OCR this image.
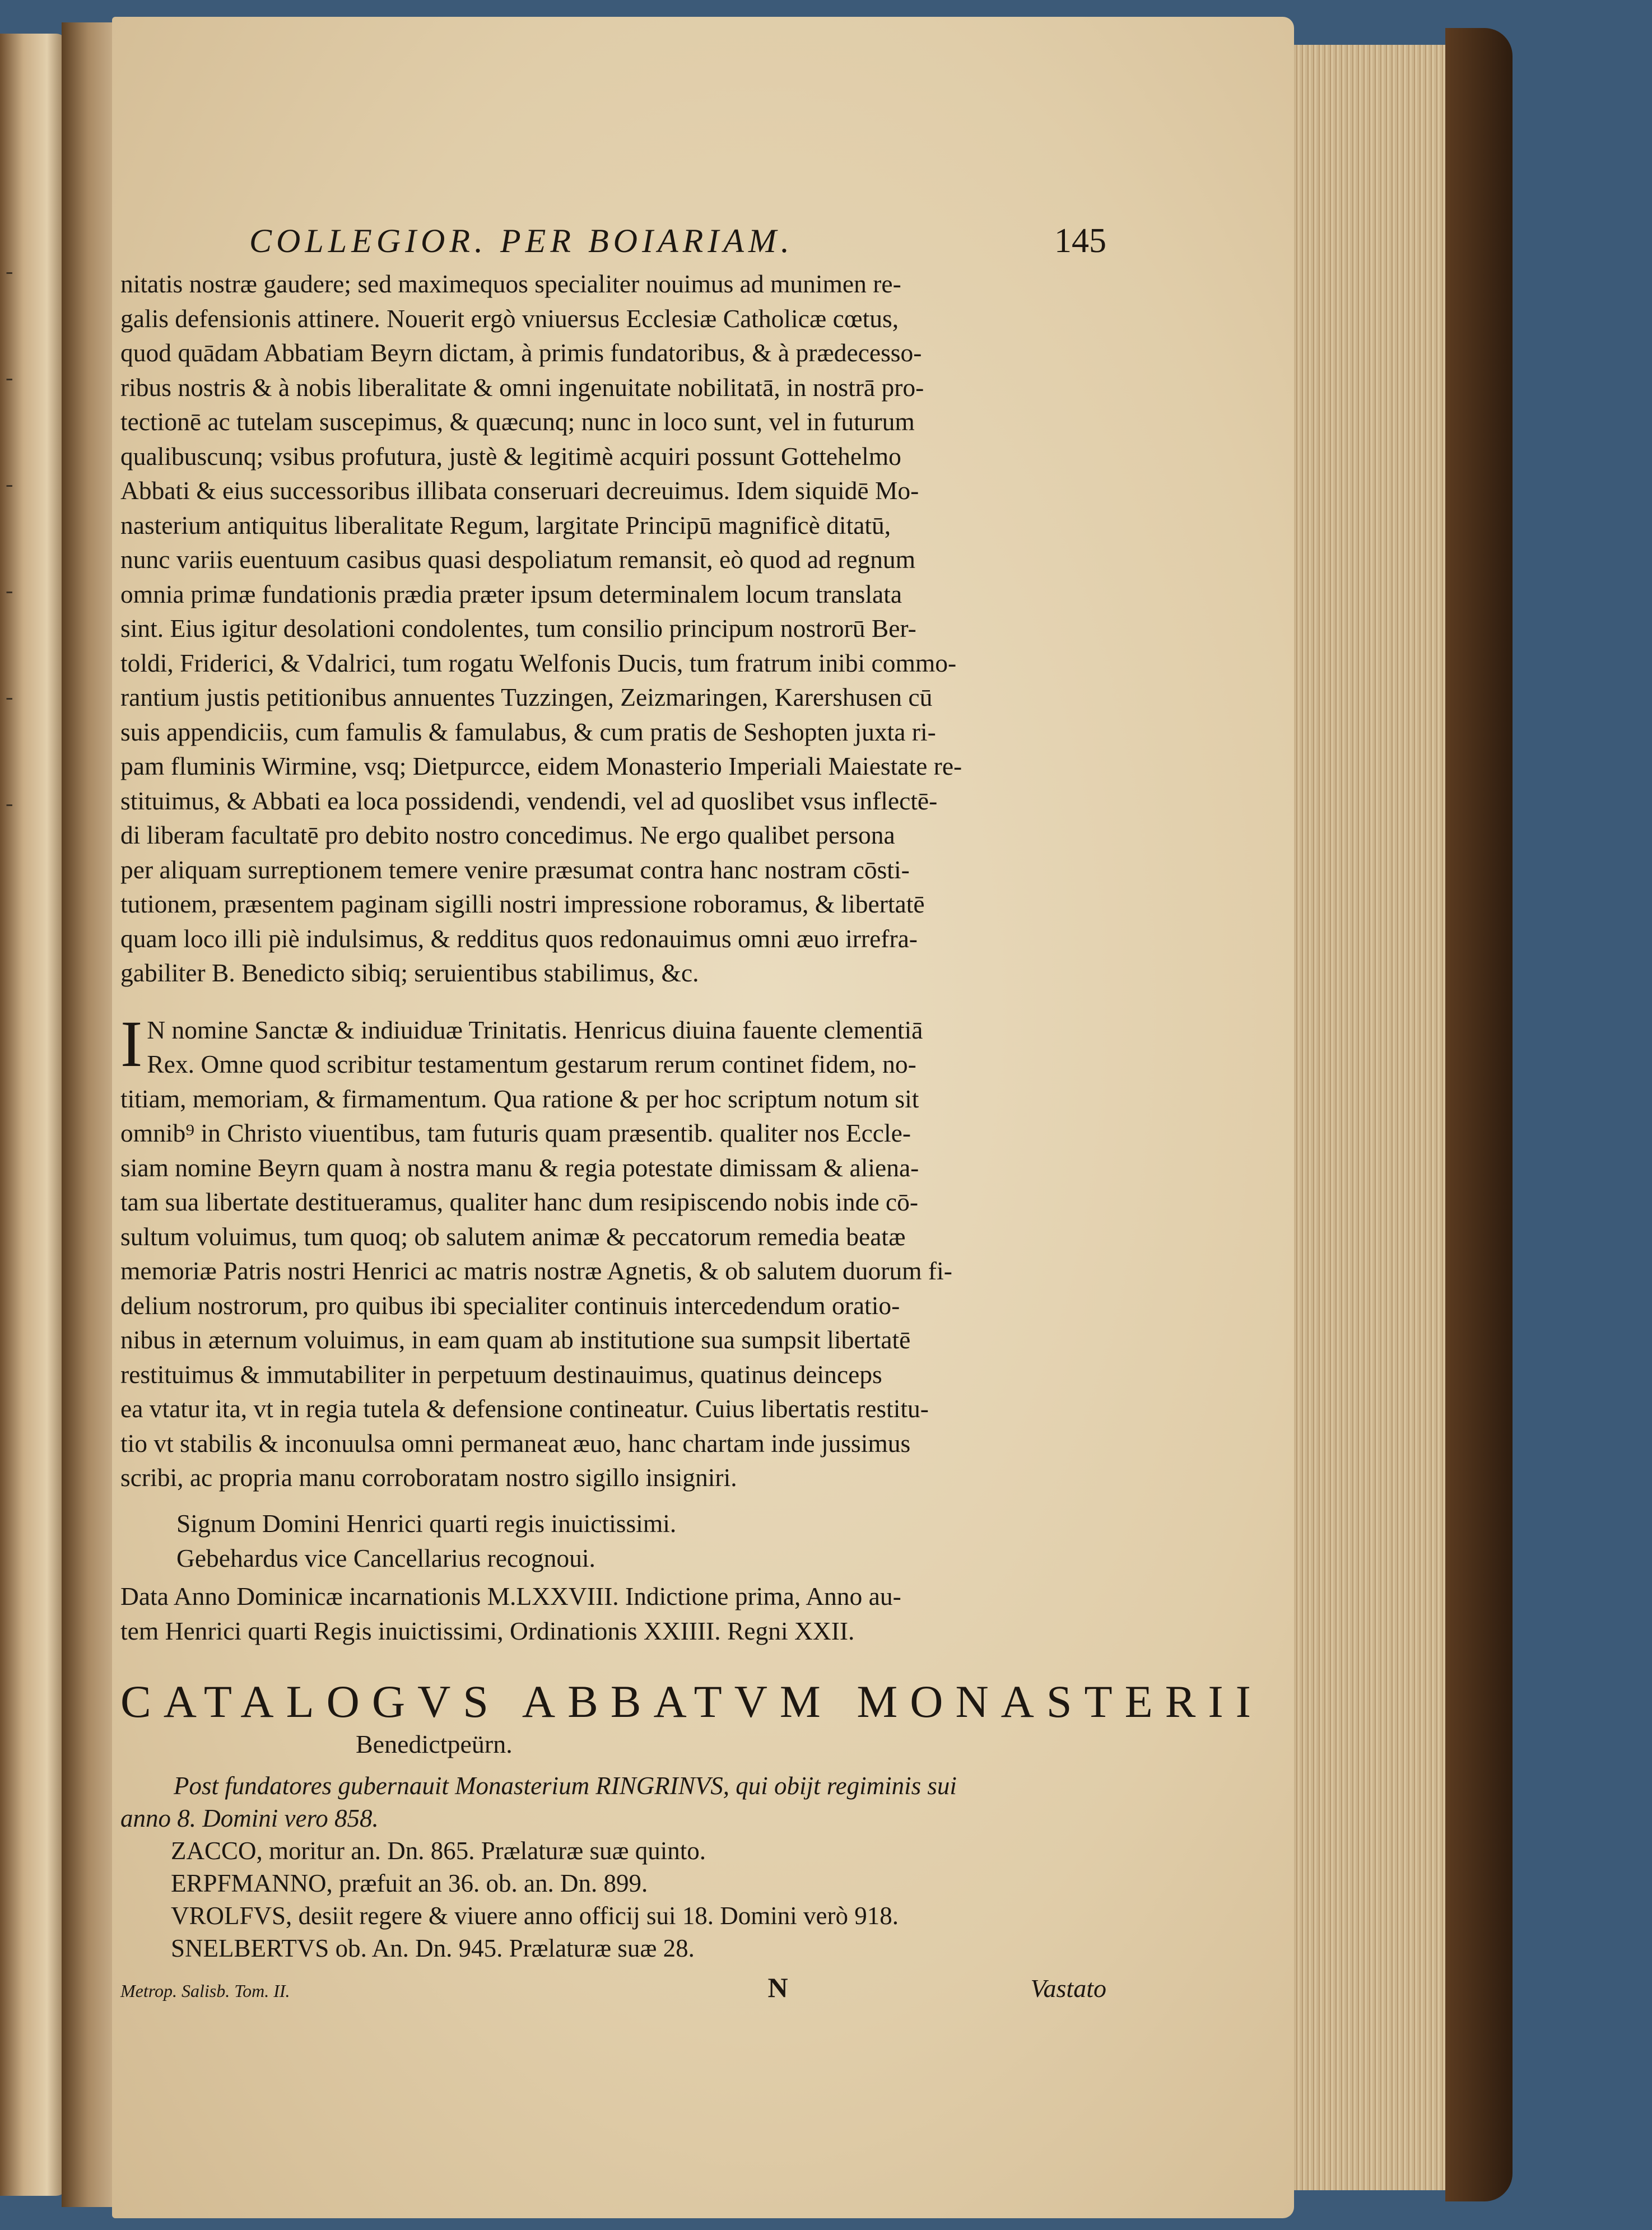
-
-
-
-
-
-
COLLEGIOR. PER BOIARIAM.	145

nitatis nostræ gaudere; sed maximequos specialiter nouimus ad munimen re-

galis defensionis attinere. Nouerit ergò vniuersus Ecclesiæ Catholicæ cœtus,

quod quādam Abbatiam Beyrn dictam, à primis fundatoribus, & à prædecesso-

ribus nostris & à nobis liberalitate & omni ingenuitate nobilitatā, in nostrā pro-

tectionē ac tutelam suscepimus, & quæcunq; nunc in loco sunt, vel in futurum

qualibuscunq; vsibus profutura, justè & legitimè acquiri possunt Gottehelmo

Abbati & eius successoribus illibata conseruari decreuimus. Idem siquidē Mo-

nasterium antiquitus liberalitate Regum, largitate Principū magnificè ditatū,

nunc variis euentuum casibus quasi despoliatum remansit, eò quod ad regnum

omnia primæ fundationis prædia præter ipsum determinalem locum translata

sint. Eius igitur desolationi condolentes, tum consilio principum nostrorū Ber-

toldi, Friderici, & Vdalrici, tum rogatu Welfonis Ducis, tum fratrum inibi commo-

rantium justis petitionibus annuentes Tuzzingen, Zeizmaringen, Karershusen cū

suis appendiciis, cum famulis & famulabus, & cum pratis de Seshopten juxta ri-

pam fluminis Wirmine, vsq; Dietpurcce, eidem Monasterio Imperiali Maiestate re-

stituimus, & Abbati ea loca possidendi, vendendi, vel ad quoslibet vsus inflectē-

di liberam facultatē pro debito nostro concedimus. Ne ergo qualibet persona

per aliquam surreptionem temere venire præsumat contra hanc nostram cōsti-

tutionem, præsentem paginam sigilli nostri impressione roboramus, & libertatē

quam loco illi piè indulsimus, & redditus quos redonauimus omni æuo irrefra-

gabiliter B. Benedicto sibiq; seruientibus stabilimus, &c.

I N nomine Sanctæ & indiuiduæ Trinitatis. Henricus diuina fauente clementiā

Rex. Omne quod scribitur testamentum gestarum rerum continet fidem, no-

titiam, memoriam, & firmamentum. Qua ratione & per hoc scriptum notum sit

omnib⁹ in Christo viuentibus, tam futuris quam præsentib. qualiter nos Eccle-

siam nomine Beyrn quam à nostra manu & regia potestate dimissam & aliena-

tam sua libertate destitueramus, qualiter hanc dum resipiscendo nobis inde cō-

sultum voluimus, tum quoq; ob salutem animæ & peccatorum remedia beatæ

memoriæ Patris nostri Henrici ac matris nostræ Agnetis, & ob salutem duorum fi-

delium nostrorum, pro quibus ibi specialiter continuis intercedendum oratio-

nibus in æternum voluimus, in eam quam ab institutione sua sumpsit libertatē

restituimus & immutabiliter in perpetuum destinauimus, quatinus deinceps

ea vtatur ita, vt in regia tutela & defensione contineatur. Cuius libertatis restitu-

tio vt stabilis & inconuulsa omni permaneat æuo, hanc chartam inde jussimus

scribi, ac propria manu corroboratam nostro sigillo insigniri.

Signum Domini Henrici quarti regis inuictissimi.
Gebehardus vice Cancellarius recognoui.
Data Anno Dominicæ incarnationis M.LXXVIII. Indictione prima, Anno au-
tem Henrici quarti Regis inuictissimi, Ordinationis XXIIII. Regni XXII.
CATALOGVS ABBATVM MONASTERII
Benedictpeürn.
Post fundatores gubernauit Monasterium RINGRINVS, qui obijt regiminis sui
anno 8. Domini vero 858.
ZACCO, moritur an. Dn. 865. Prælaturæ suæ quinto.
ERPFMANNO, præfuit an 36. ob. an. Dn. 899.
VROLFVS, desiit regere & viuere anno officij sui 18. Domini verò 918.
SNELBERTVS ob. An. Dn. 945. Prælaturæ suæ 28.
Metrop. Salisb. Tom. II.	N	Vastato
